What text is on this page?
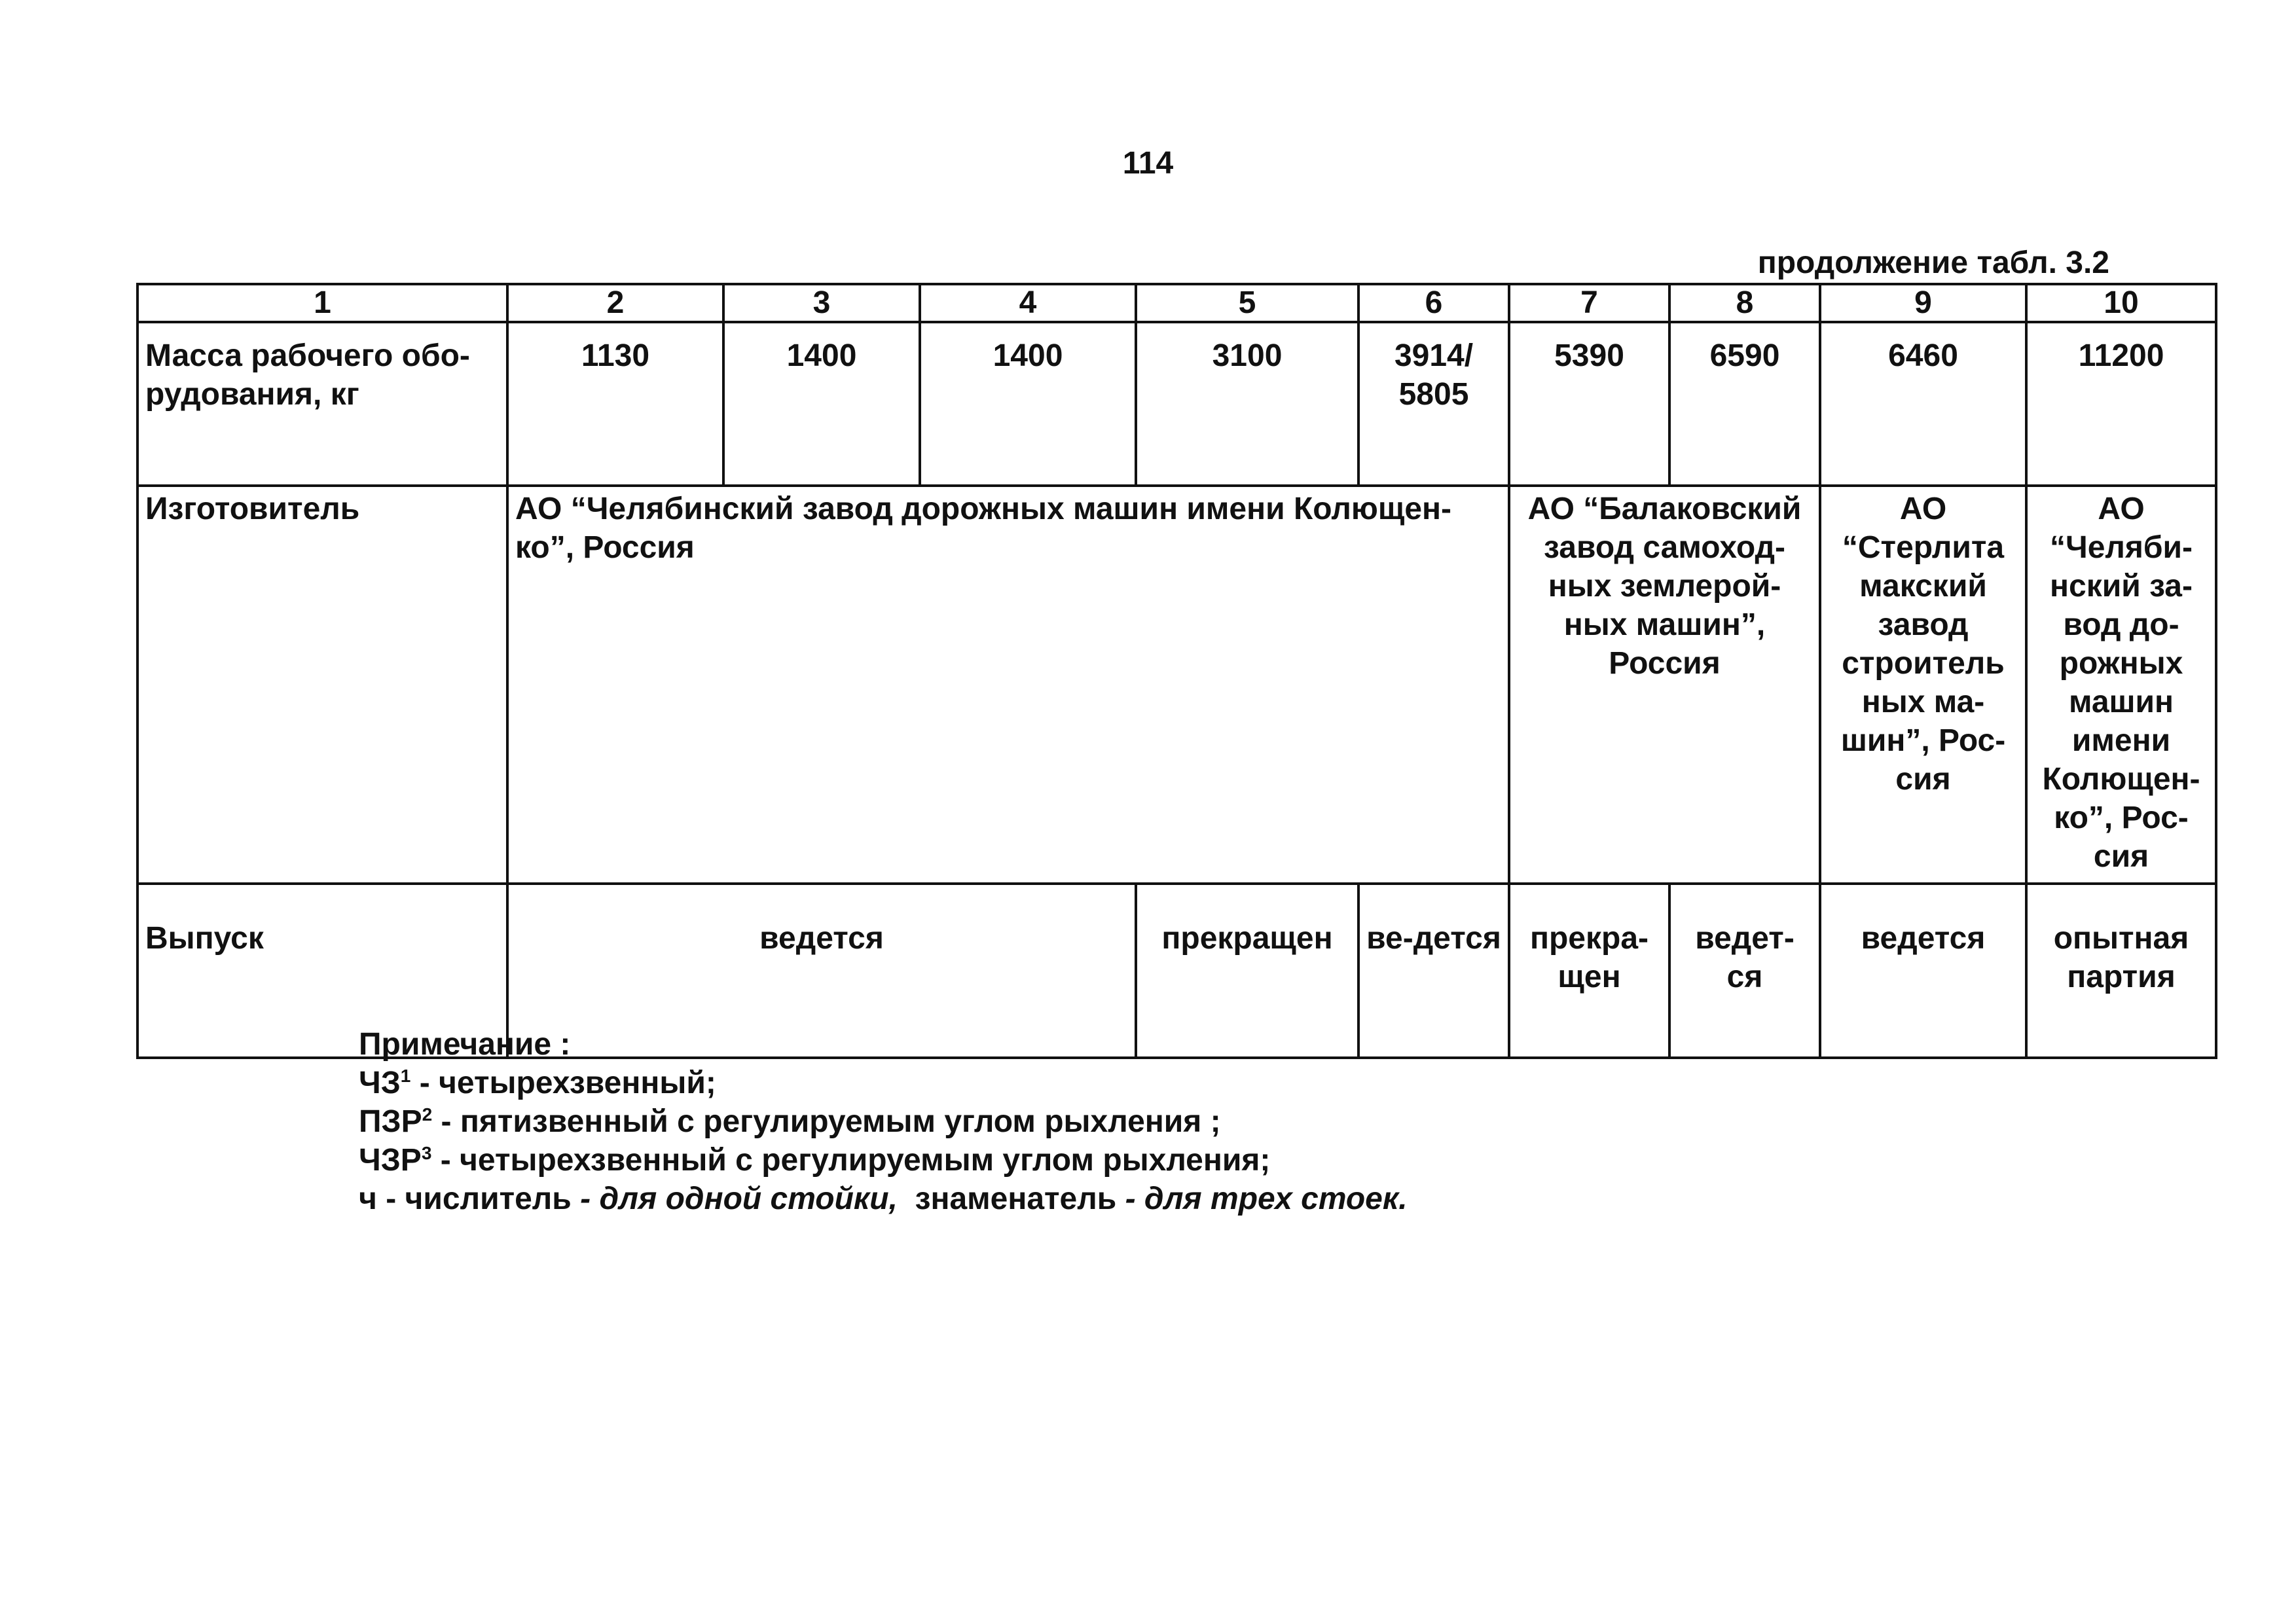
114
продолжение табл. 3.2
1	2	3	4	5	6	7	8	9	10
Масса рабочего обо-рудования, кг	1130	1400	1400	3100	3914/ 5805	5390	6590	6460	11200
Изготовитель	АО “Челябинский завод дорожных машин имени Колющен-ко”, Россия					АО “Балаковский завод самоход-ных землерой-ных машин”, Россия		АО “Стерлита макский завод строитель ных ма-шин”, Рос-сия	АО “Челяби-нский за-вод до-рожных машин имени Колющен-ко”, Рос-сия
Выпуск	ведется			прекращен	ве-дется	прекра-щен	ведет-ся	ведется	опытная партия
Примечание :
$ЧЗ^1$ - четырехзвенный;
ПЗР$^2$ - пятизвенный с регулируемым углом рыхления ;
ЧЗР$^3$ - четырехзвенный с регулируемым углом рыхления;
ч - числитель - для одной стойки,  знаменатель - для трех стоек.
